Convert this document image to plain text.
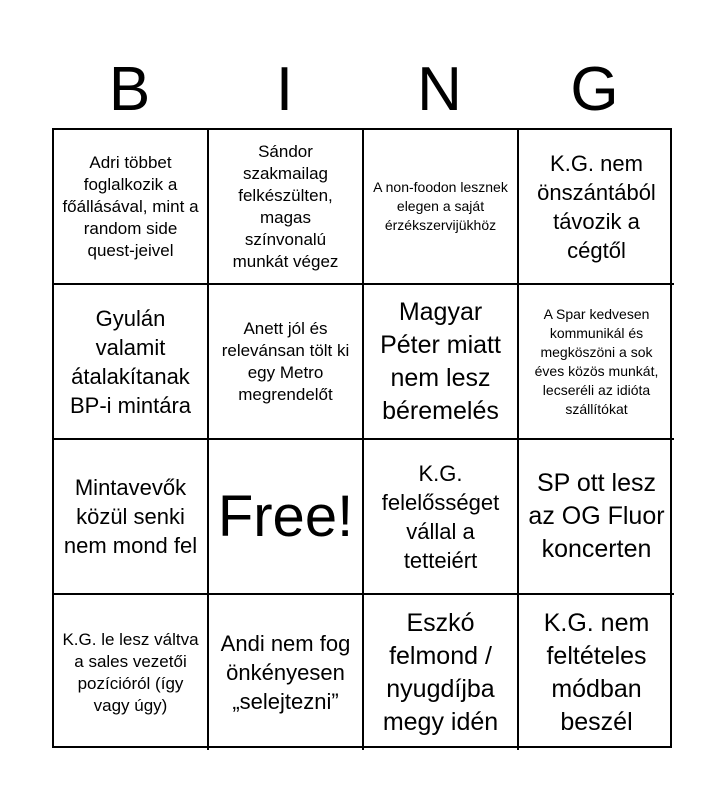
B	I	N	G
Adri többet foglalkozik a főállásával, mint a random side quest-jeivel
Sándor szakmailag felkészülten, magas színvonalú munkát végez
A non-foodon lesznek elegen a saját érzékszervijükhöz
K.G. nem önszántából távozik a cégtől
Gyulán valamit átalakítanak BP-i mintára
Anett jól és relevánsan tölt ki egy Metro megrendelőt
Magyar Péter miatt nem lesz béremelés
A Spar kedvesen kommunikál és megköszöni a sok éves közös munkát, lecseréli az idióta szállítókat
Mintavevők közül senki nem mond fel Free!
K.G. felelősséget vállal a tetteiért
SP ott lesz az OG Fluor koncerten
K.G. le lesz váltva a sales vezetői pozícióról (így vagy úgy)
Andi nem fog önkényesen „selejtezni”
Eszkó felmond / nyugdíjba megy idén
K.G. nem feltételes módban beszél
